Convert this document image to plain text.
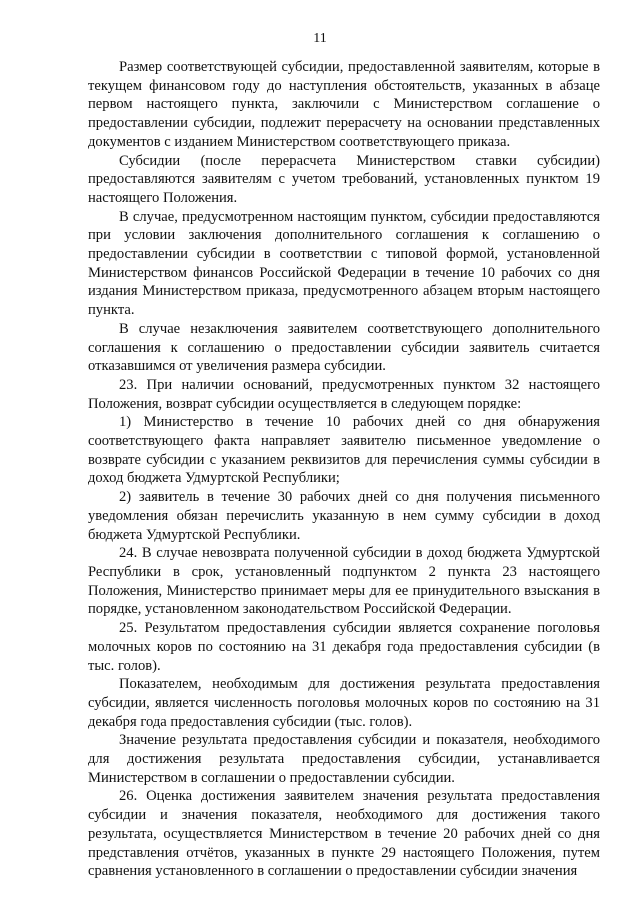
11

Размер соответствующей субсидии, предоставленной заявителям, которые в текущем финансовом году до наступления обстоятельств, указанных в абзаце первом настоящего пункта, заключили с Министерством соглашение о предоставлении субсидии, подлежит перерасчету на основании представленных документов с изданием Министерством соответствующего приказа.

Субсидии (после перерасчета Министерством ставки субсидии) предоставляются заявителям с учетом требований, установленных пунктом 19 настоящего Положения.

В случае, предусмотренном настоящим пунктом, субсидии предоставляются при условии заключения дополнительного соглашения к соглашению о предоставлении субсидии в соответствии с типовой формой, установленной Министерством финансов Российской Федерации в течение 10 рабочих со дня издания Министерством приказа, предусмотренного абзацем вторым настоящего пункта.

В случае незаключения заявителем соответствующего дополнительного соглашения к соглашению о предоставлении субсидии заявитель считается отказавшимся от увеличения размера субсидии.

23. При наличии оснований, предусмотренных пунктом 32 настоящего Положения, возврат субсидии осуществляется в следующем порядке:

1) Министерство в течение 10 рабочих дней со дня обнаружения соответствующего факта направляет заявителю письменное уведомление о возврате субсидии с указанием реквизитов для перечисления суммы субсидии в доход бюджета Удмуртской Республики;

2) заявитель в течение 30 рабочих дней со дня получения письменного уведомления обязан перечислить указанную в нем сумму субсидии в доход бюджета Удмуртской Республики.

24. В случае невозврата полученной субсидии в доход бюджета Удмуртской Республики в срок, установленный подпунктом 2 пункта 23 настоящего Положения, Министерство принимает меры для ее принудительного взыскания в порядке, установленном законодательством Российской Федерации.

25. Результатом предоставления субсидии является сохранение поголовья молочных коров по состоянию на 31 декабря года предоставления субсидии (в тыс. голов).

Показателем, необходимым для достижения результата предоставления субсидии, является численность поголовья молочных коров по состоянию на 31 декабря года предоставления субсидии (тыс. голов).

Значение результата предоставления субсидии и показателя, необходимого для достижения результата предоставления субсидии, устанавливается Министерством в соглашении о предоставлении субсидии.

26. Оценка достижения заявителем значения результата предоставления субсидии и значения показателя, необходимого для достижения такого результата, осуществляется Министерством в течение 20 рабочих дней со дня представления отчётов, указанных в пункте 29 настоящего Положения, путем сравнения установленного в соглашении о предоставлении субсидии значения
